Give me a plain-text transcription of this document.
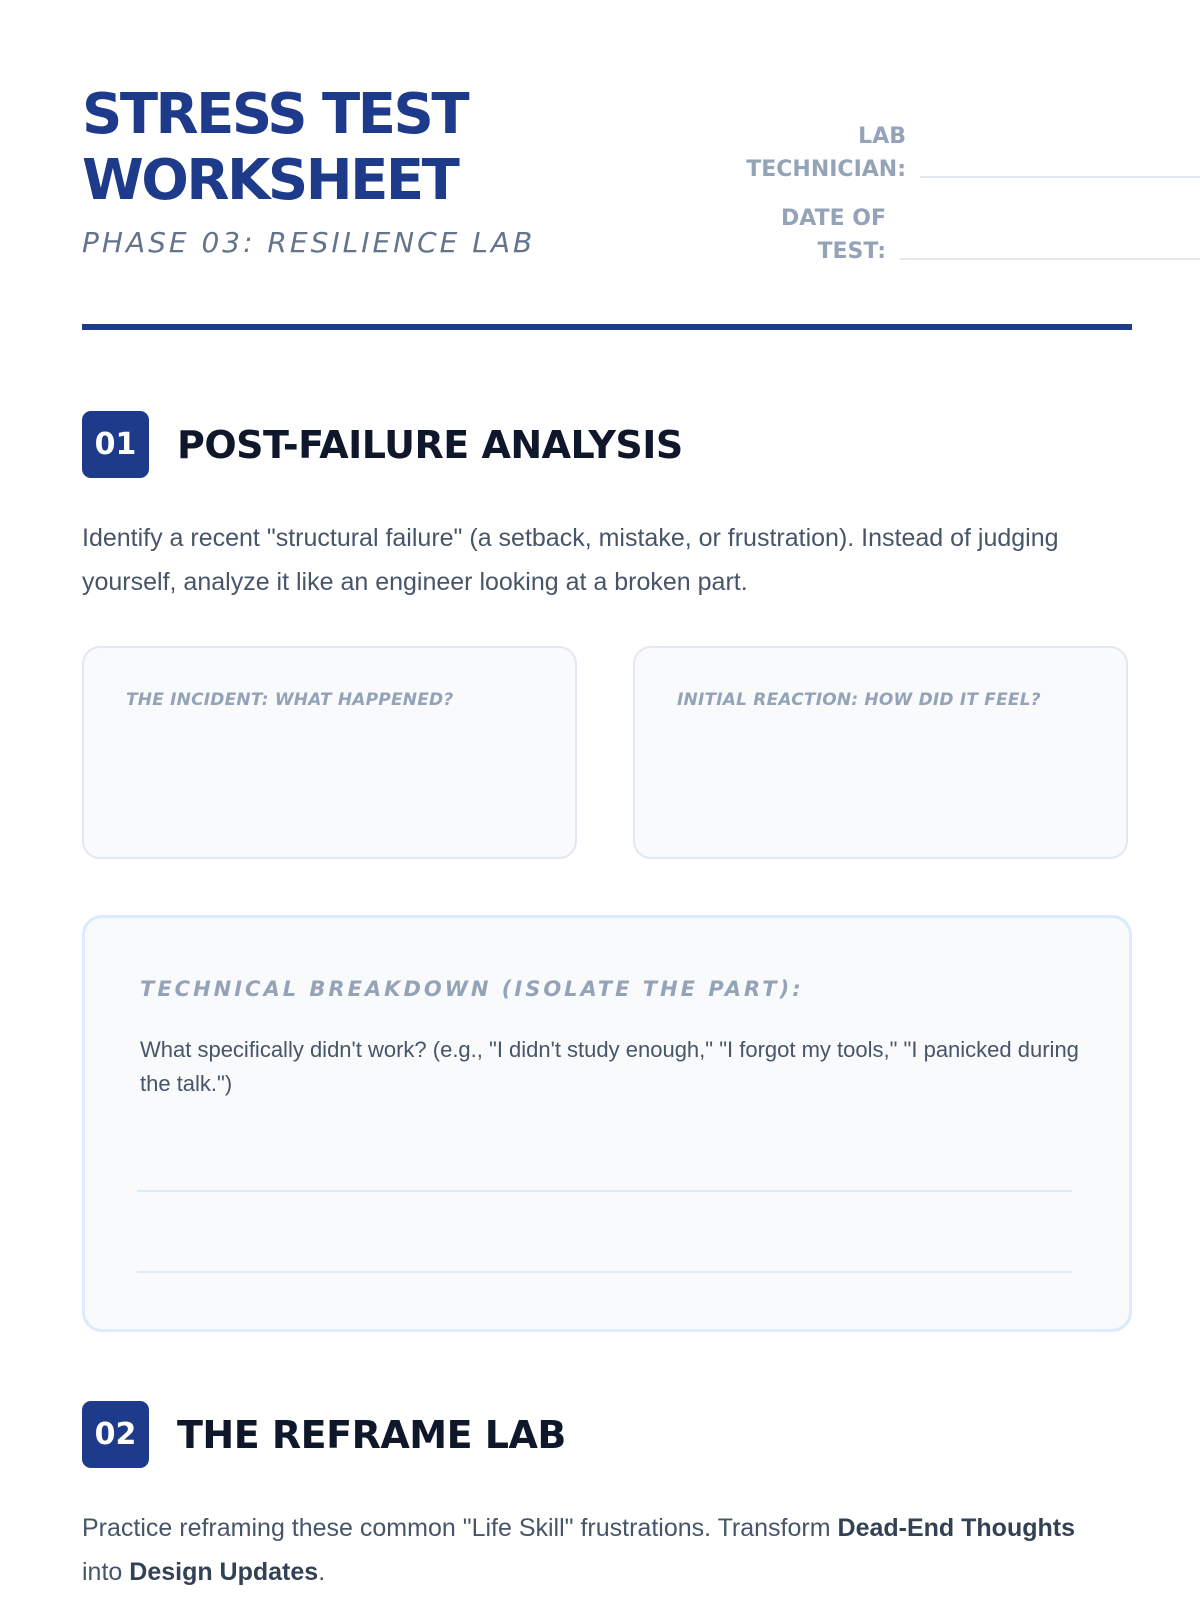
STRESS TEST
WORKSHEET
PHASE 03: RESILIENCE LAB
LAB
TECHNICIAN:
DATE OF
TEST:
01	POST-FAILURE ANALYSIS
Identify a recent "structural failure" (a setback, mistake, or frustration). Instead of judging yourself, analyze it like an engineer looking at a broken part.
THE INCIDENT: WHAT HAPPENED?	INITIAL REACTION: HOW DID IT FEEL?
TECHNICAL BREAKDOWN (ISOLATE THE PART):
What specifically didn't work? (e.g., "I didn't study enough," "I forgot my tools," "I panicked during the talk.")
02	THE REFRAME LAB
Practice reframing these common "Life Skill" frustrations. Transform Dead-End Thoughts into Design Updates.
